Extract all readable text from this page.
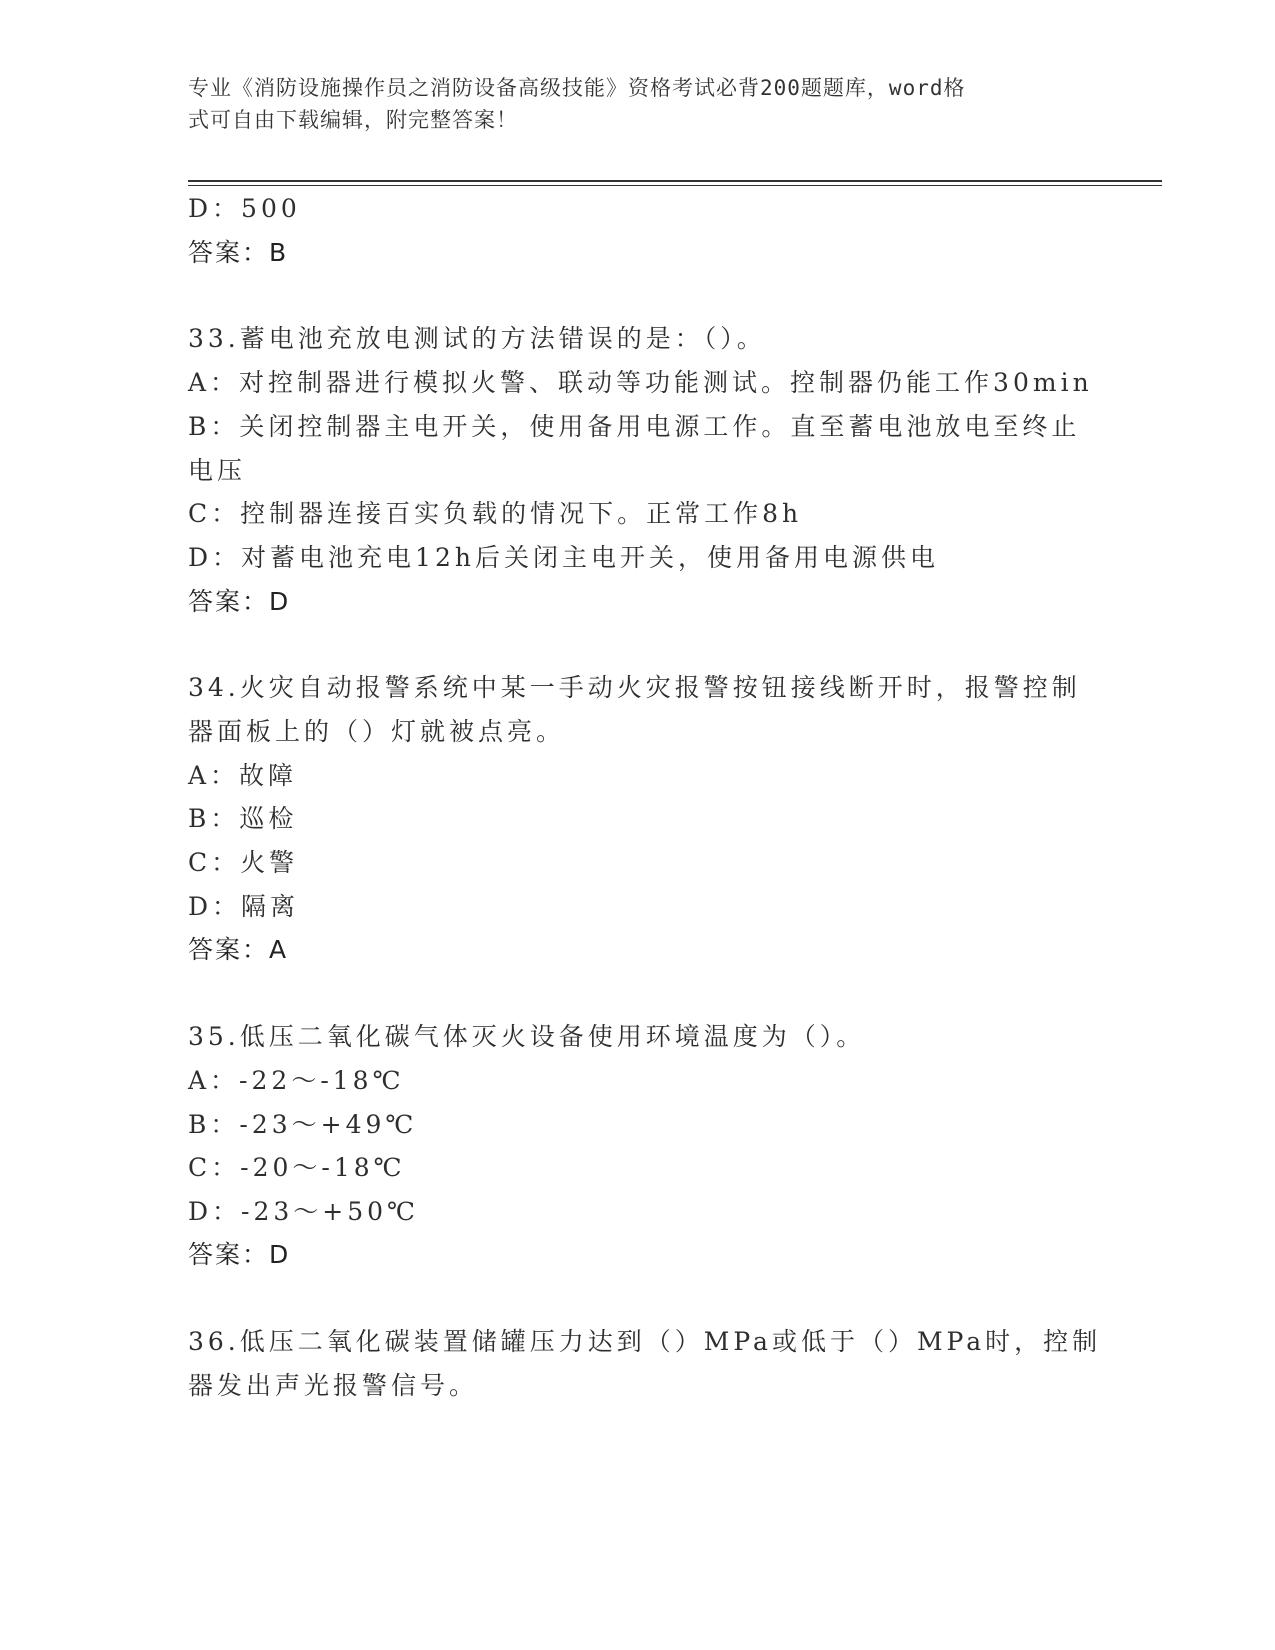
专业《消防设施操作员之消防设备高级技能》资格考试必背200题题库，word格
式可自由下载编辑，附完整答案！
D：500
答案：B
33.蓄电池充放电测试的方法错误的是：（）。
A：对控制器进行模拟火警、联动等功能测试。控制器仍能工作30min
B：关闭控制器主电开关，使用备用电源工作。直至蓄电池放电至终止
电压
C：控制器连接百实负载的情况下。正常工作8h
D：对蓄电池充电12h后关闭主电开关，使用备用电源供电
答案：D
34.火灾自动报警系统中某一手动火灾报警按钮接线断开时，报警控制
器面板上的（）灯就被点亮。
A：故障
B：巡检
C：火警
D：隔离
答案：A
35.低压二氧化碳气体灭火设备使用环境温度为（）。
A：-22～-18℃
B：-23～+49℃
C：-20～-18℃
D：-23～+50℃
答案：D
36.低压二氧化碳装置储罐压力达到（）MPa或低于（）MPa时，控制
器发出声光报警信号。
